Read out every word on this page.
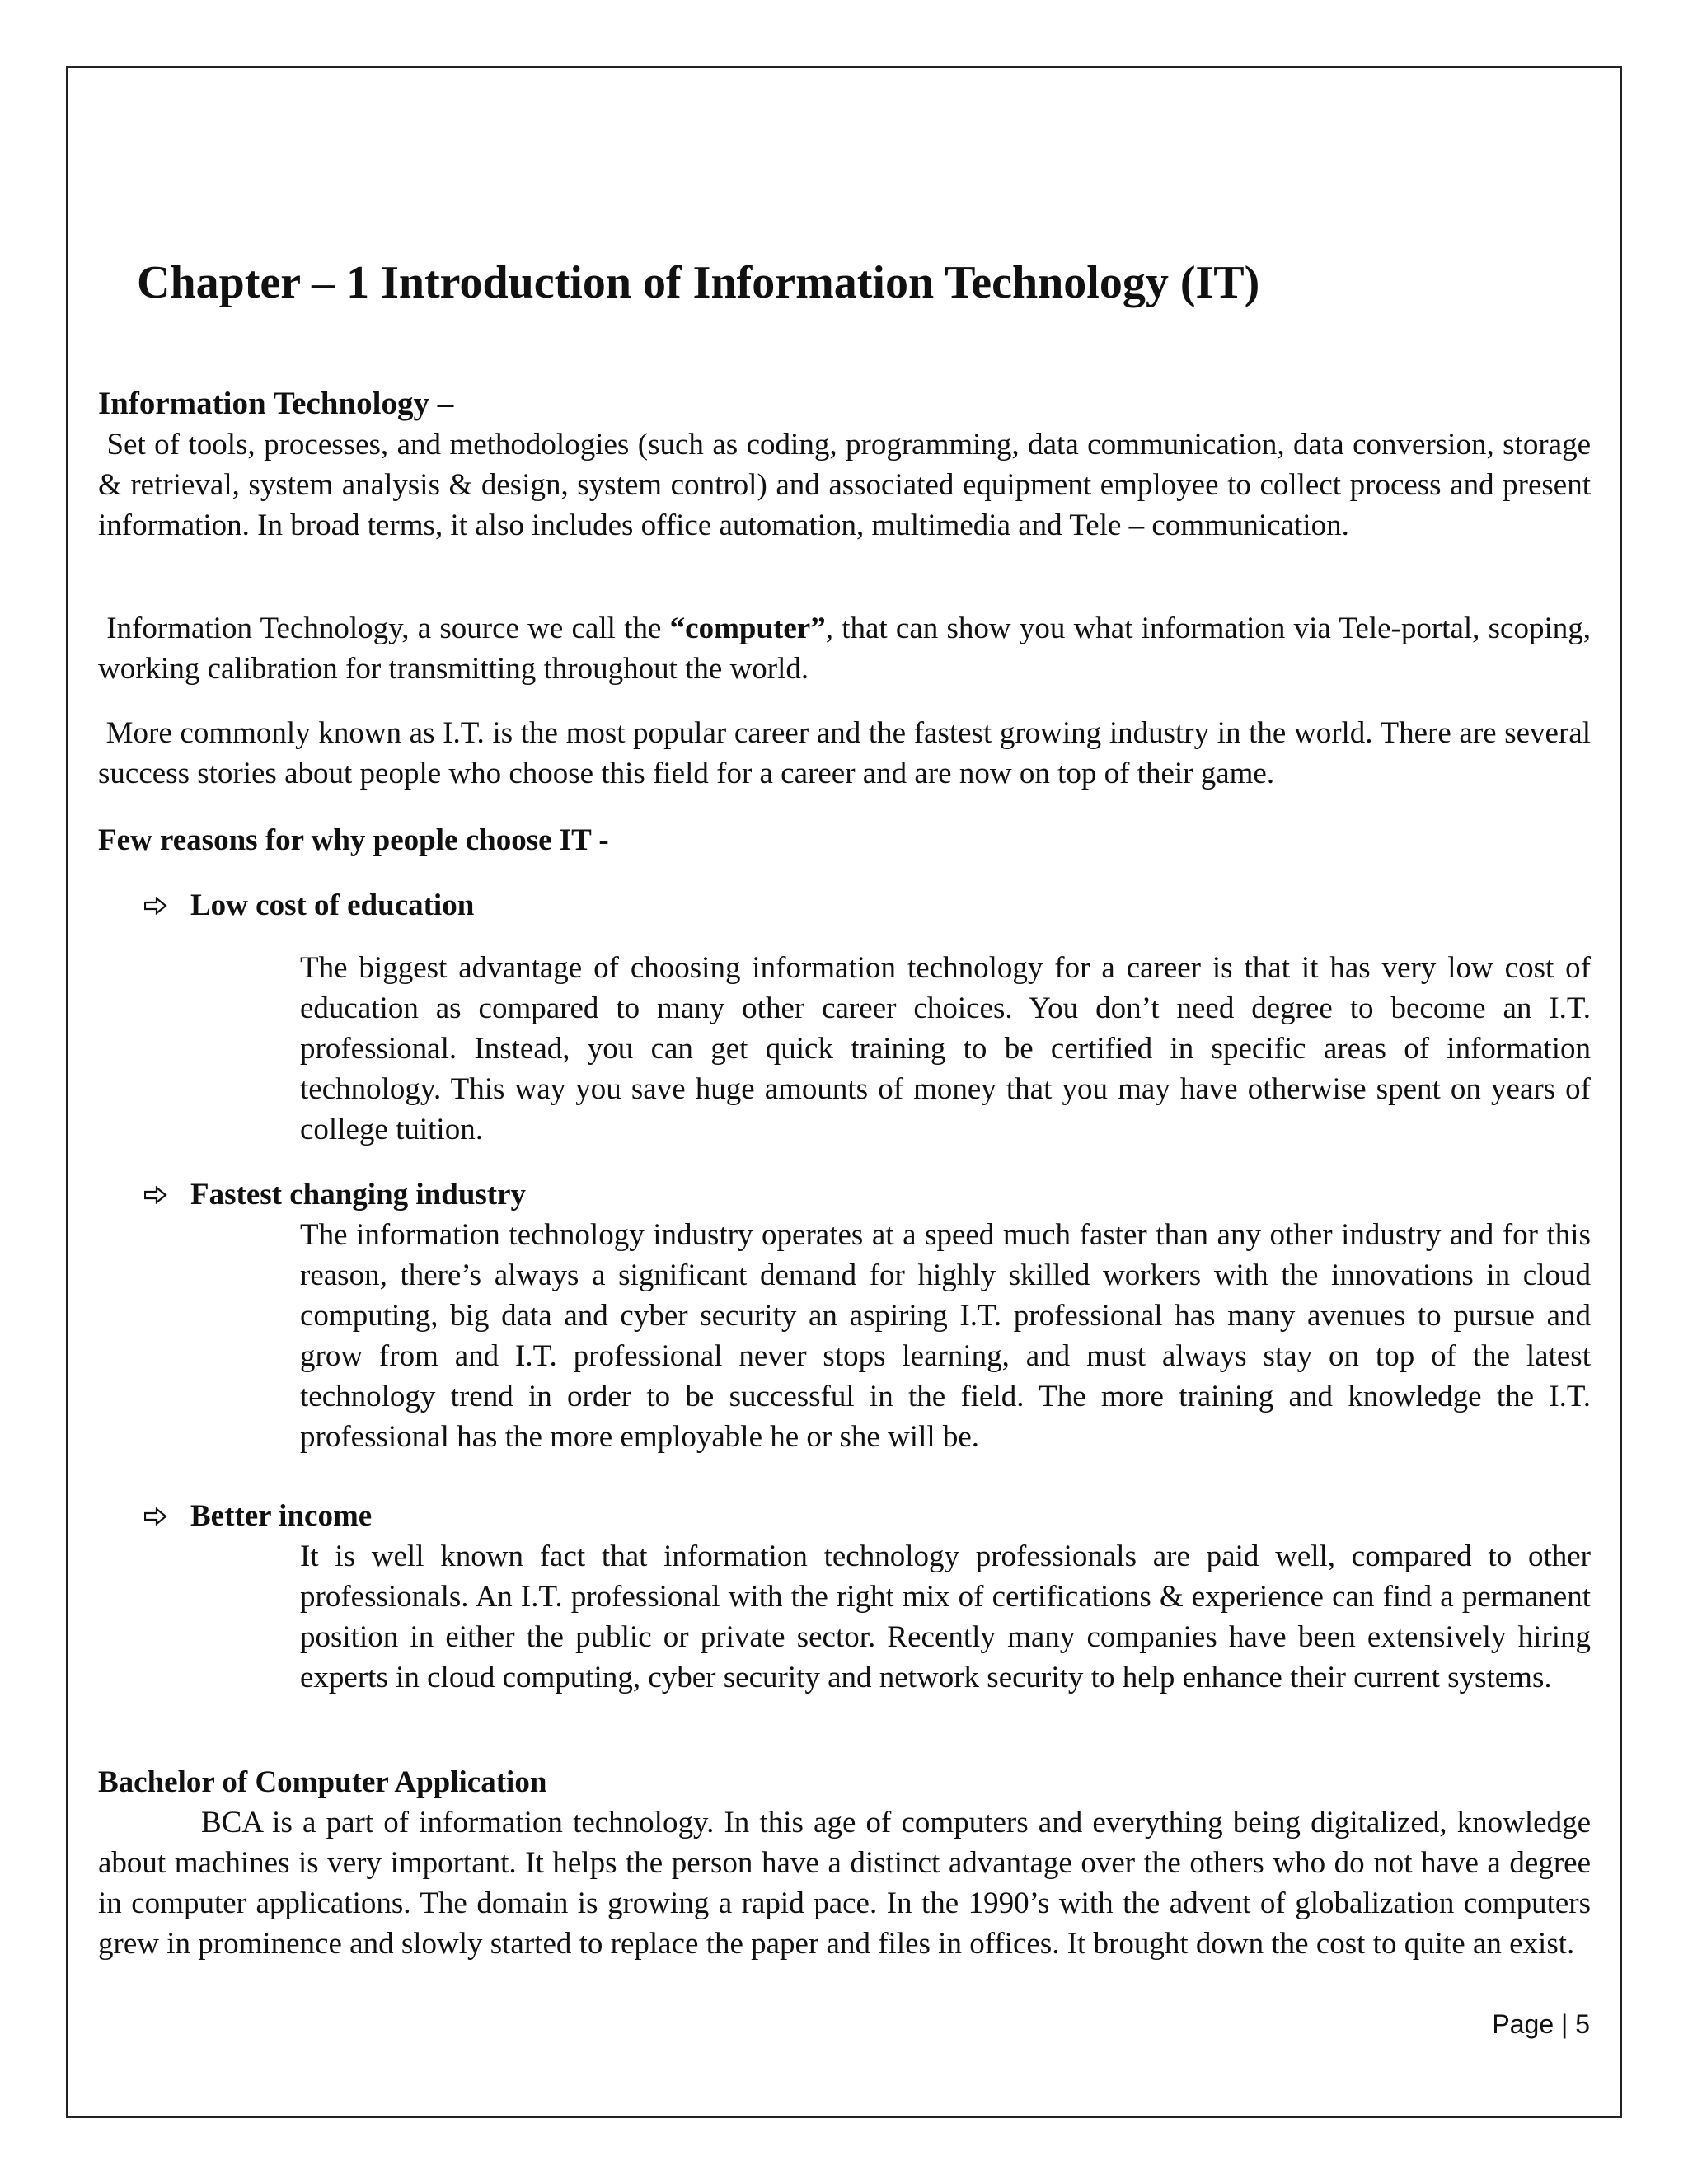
Chapter – 1 Introduction of Information Technology (IT)

Information Technology –

Set of tools, processes, and methodologies (such as coding, programming, data communication, data conversion, storage & retrieval, system analysis & design, system control) and associated equipment employee to collect process and present information. In broad terms, it also includes office automation, multimedia and Tele – communication.

Information Technology, a source we call the “computer”, that can show you what information via Tele-portal, scoping, working calibration for transmitting throughout the world.

More commonly known as I.T. is the most popular career and the fastest growing industry in the world. There are several success stories about people who choose this field for a career and are now on top of their game.

Few reasons for why people choose IT -

Low cost of education

The biggest advantage of choosing information technology for a career is that it has very low cost of education as compared to many other career choices. You don’t need degree to become an I.T. professional. Instead, you can get quick training to be certified in specific areas of information technology. This way you save huge amounts of money that you may have otherwise spent on years of college tuition.

Fastest changing industry

The information technology industry operates at a speed much faster than any other industry and for this reason, there’s always a significant demand for highly skilled workers with the innovations in cloud computing, big data and cyber security an aspiring I.T. professional has many avenues to pursue and grow from and I.T. professional never stops learning, and must always stay on top of the latest technology trend in order to be successful in the field. The more training and knowledge the I.T. professional has the more employable he or she will be.

Better income

It is well known fact that information technology professionals are paid well, compared to other professionals. An I.T. professional with the right mix of certifications & experience can find a permanent position in either the public or private sector. Recently many companies have been extensively hiring experts in cloud computing, cyber security and network security to help enhance their current systems.

Bachelor of Computer Application

BCA is a part of information technology. In this age of computers and everything being digitalized, knowledge about machines is very important. It helps the person have a distinct advantage over the others who do not have a degree in computer applications. The domain is growing a rapid pace. In the 1990’s with the advent of globalization computers grew in prominence and slowly started to replace the paper and files in offices. It brought down the cost to quite an exist.

Page | 5
